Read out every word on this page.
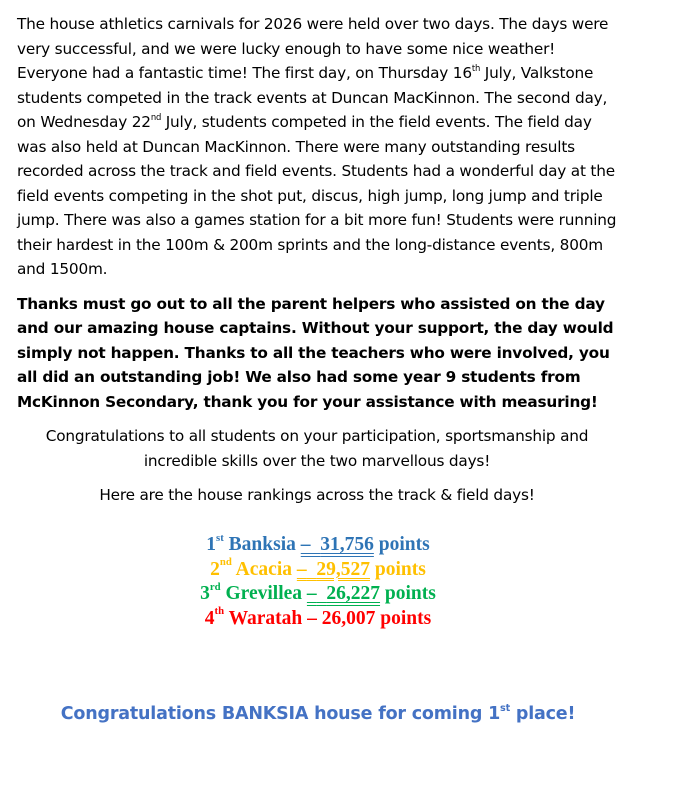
The house athletics carnivals for 2026 were held over two days. The days were very successful, and we were lucky enough to have some nice weather! Everyone had a fantastic time! The first day, on Thursday 16th July, Valkstone students competed in the track events at Duncan MacKinnon. The second day, on Wednesday 22nd July, students competed in the field events. The field day was also held at Duncan MacKinnon. There were many outstanding results recorded across the track and field events. Students had a wonderful day at the field events competing in the shot put, discus, high jump, long jump and triple jump. There was also a games station for a bit more fun! Students were running their hardest in the 100m & 200m sprints and the long-distance events, 800m and 1500m.

Thanks must go out to all the parent helpers who assisted on the day and our amazing house captains. Without your support, the day would simply not happen. Thanks to all the teachers who were involved, you all did an outstanding job! We also had some year 9 students from McKinnon Secondary, thank you for your assistance with measuring!

Congratulations to all students on your participation, sportsmanship and incredible skills over the two marvellous days!

Here are the house rankings across the track & field days!

1st Banksia – 31,756 points
2nd Acacia – 29,527 points
3rd Grevillea – 26,227 points
4th Waratah – 26,007 points
Congratulations BANKSIA house for coming 1st place!
